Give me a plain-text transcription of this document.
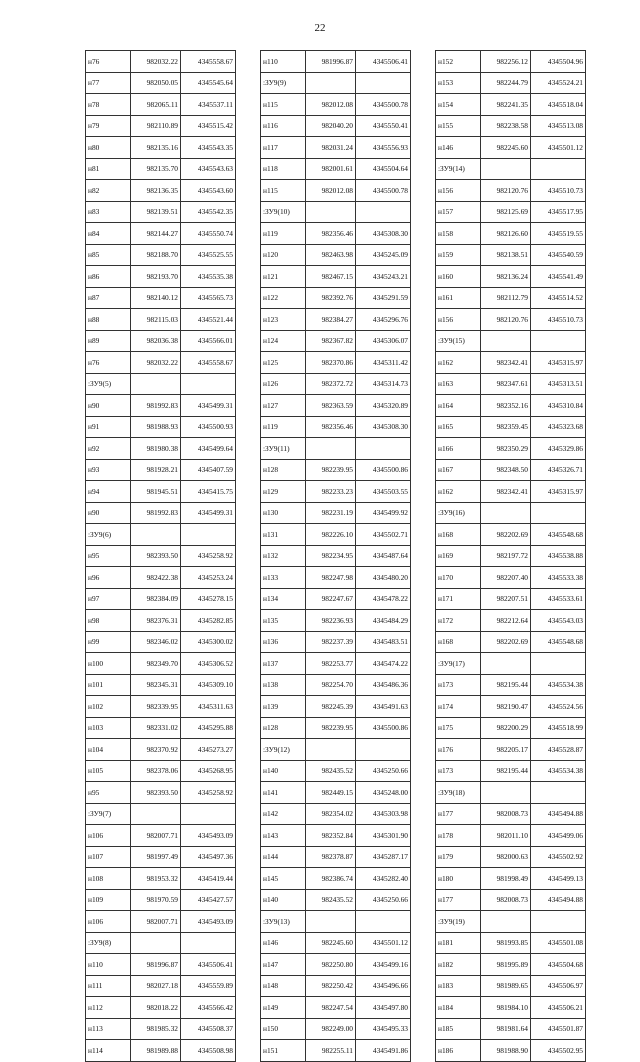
22
н76	982032.22	4345558.67
н77	982050.05	4345545.64
н78	982065.11	4345537.11
н79	982110.89	4345515.42
н80	982135.16	4345543.35
н81	982135.70	4345543.63
н82	982136.35	4345543.60
н83	982139.51	4345542.35
н84	982144.27	4345550.74
н85	982188.70	4345525.55
н86	982193.70	4345535.38
н87	982140.12	4345565.73
н88	982115.03	4345521.44
н89	982036.38	4345566.01
н76	982032.22	4345558.67
:ЗУ9(5)		
н90	981992.83	4345499.31
н91	981988.93	4345500.93
н92	981980.38	4345499.64
н93	981928.21	4345407.59
н94	981945.51	4345415.75
н90	981992.83	4345499.31
:ЗУ9(6)		
н95	982393.50	4345258.92
н96	982422.38	4345253.24
н97	982384.09	4345278.15
н98	982376.31	4345282.85
н99	982346.02	4345300.02
н100	982349.70	4345306.52
н101	982345.31	4345309.10
н102	982339.95	4345311.63
н103	982331.02	4345295.88
н104	982370.92	4345273.27
н105	982378.06	4345268.95
н95	982393.50	4345258.92
:ЗУ9(7)		
н106	982007.71	4345493.09
н107	981997.49	4345497.36
н108	981953.32	4345419.44
н109	981970.59	4345427.57
н106	982007.71	4345493.09
:ЗУ9(8)		
н110	981996.87	4345506.41
н111	982027.18	4345559.89
н112	982018.22	4345566.42
н113	981985.32	4345508.37
н114	981989.88	4345508.98
н110	981996.87	4345506.41
:ЗУ9(9)		
н115	982012.08	4345500.78
н116	982040.20	4345550.41
н117	982031.24	4345556.93
н118	982001.61	4345504.64
н115	982012.08	4345500.78
:ЗУ9(10)		
н119	982356.46	4345308.30
н120	982463.98	4345245.09
н121	982467.15	4345243.21
н122	982392.76	4345291.59
н123	982384.27	4345296.76
н124	982367.82	4345306.07
н125	982370.86	4345311.42
н126	982372.72	4345314.73
н127	982363.59	4345320.89
н119	982356.46	4345308.30
:ЗУ9(11)		
н128	982239.95	4345500.86
н129	982233.23	4345503.55
н130	982231.19	4345499.92
н131	982226.10	4345502.71
н132	982234.95	4345487.64
н133	982247.98	4345480.20
н134	982247.67	4345478.22
н135	982236.93	4345484.29
н136	982237.39	4345483.51
н137	982253.77	4345474.22
н138	982254.70	4345486.36
н139	982245.39	4345491.63
н128	982239.95	4345500.86
:ЗУ9(12)		
н140	982435.52	4345250.66
н141	982449.15	4345248.00
н142	982354.02	4345303.98
н143	982352.84	4345301.90
н144	982378.87	4345287.17
н145	982386.74	4345282.40
н140	982435.52	4345250.66
:ЗУ9(13)		
н146	982245.60	4345501.12
н147	982250.80	4345499.16
н148	982250.42	4345496.66
н149	982247.54	4345497.80
н150	982249.00	4345495.33
н151	982255.11	4345491.86
н152	982256.12	4345504.96
н153	982244.79	4345524.21
н154	982241.35	4345518.04
н155	982238.58	4345513.08
н146	982245.60	4345501.12
:ЗУ9(14)		
н156	982120.76	4345510.73
н157	982125.69	4345517.95
н158	982126.60	4345519.55
н159	982138.51	4345540.59
н160	982136.24	4345541.49
н161	982112.79	4345514.52
н156	982120.76	4345510.73
:ЗУ9(15)		
н162	982342.41	4345315.97
н163	982347.61	4345313.51
н164	982352.16	4345310.84
н165	982359.45	4345323.68
н166	982350.29	4345329.86
н167	982348.50	4345326.71
н162	982342.41	4345315.97
:ЗУ9(16)		
н168	982202.69	4345548.68
н169	982197.72	4345538.88
н170	982207.40	4345533.38
н171	982207.51	4345533.61
н172	982212.64	4345543.03
н168	982202.69	4345548.68
:ЗУ9(17)		
н173	982195.44	4345534.38
н174	982190.47	4345524.56
н175	982200.29	4345518.99
н176	982205.17	4345528.87
н173	982195.44	4345534.38
:ЗУ9(18)		
н177	982008.73	4345494.88
н178	982011.10	4345499.06
н179	982000.63	4345502.92
н180	981998.49	4345499.13
н177	982008.73	4345494.88
:ЗУ9(19)		
н181	981993.85	4345501.08
н182	981995.89	4345504.68
н183	981989.65	4345506.97
н184	981984.10	4345506.21
н185	981981.64	4345501.87
н186	981988.90	4345502.95
